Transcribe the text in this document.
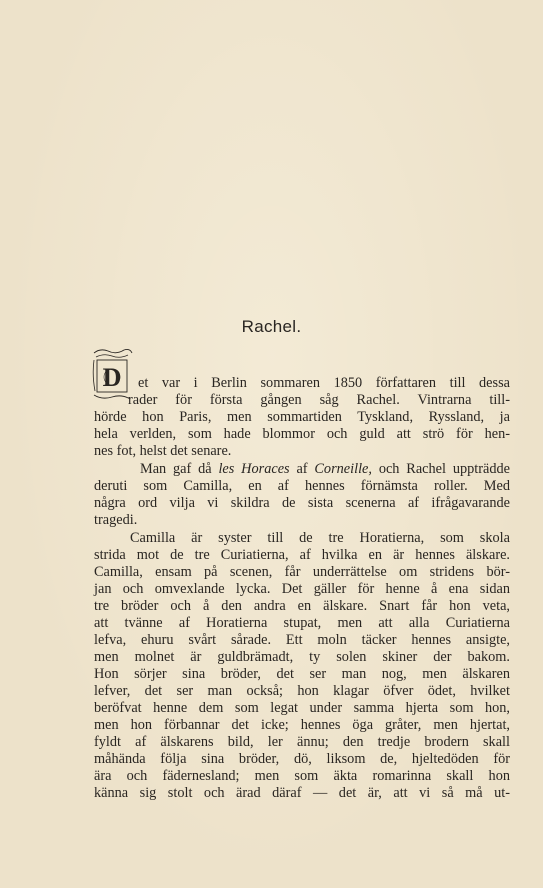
Rachel.
D et var i Berlin sommaren 1850 författaren till dessa
rader för första gången såg Rachel. Vintrarna till-
hörde hon Paris, men sommartiden Tyskland, Ryssland, ja
hela verlden, som hade blommor och guld att strö för hen-
nes fot, helst det senare.
Man gaf då les Horaces af Corneille, och Rachel uppträdde
deruti som Camilla, en af hennes förnämsta roller. Med
några ord vilja vi skildra de sista scenerna af ifrågavarande
tragedi.
Camilla är syster till de tre Horatierna, som skola
strida mot de tre Curiatierna, af hvilka en är hennes älskare.
Camilla, ensam på scenen, får underrättelse om stridens bör-
jan och omvexlande lycka. Det gäller för henne å ena sidan
tre bröder och å den andra en älskare. Snart får hon veta,
att tvänne af Horatierna stupat, men att alla Curiatierna
lefva, ehuru svårt sårade. Ett moln täcker hennes ansigte,
men molnet är guldbrämadt, ty solen skiner der bakom.
Hon sörjer sina bröder, det ser man nog, men älskaren
lefver, det ser man också; hon klagar öfver ödet, hvilket
beröfvat henne dem som legat under samma hjerta som hon,
men hon förbannar det icke; hennes öga gråter, men hjertat,
fyldt af älskarens bild, ler ännu; den tredje brodern skall
måhända följa sina bröder, dö, liksom de, hjeltedöden för
ära och fädernesland; men som äkta romarinna skall hon
känna sig stolt och ärad däraf — det är, att vi så må ut-
